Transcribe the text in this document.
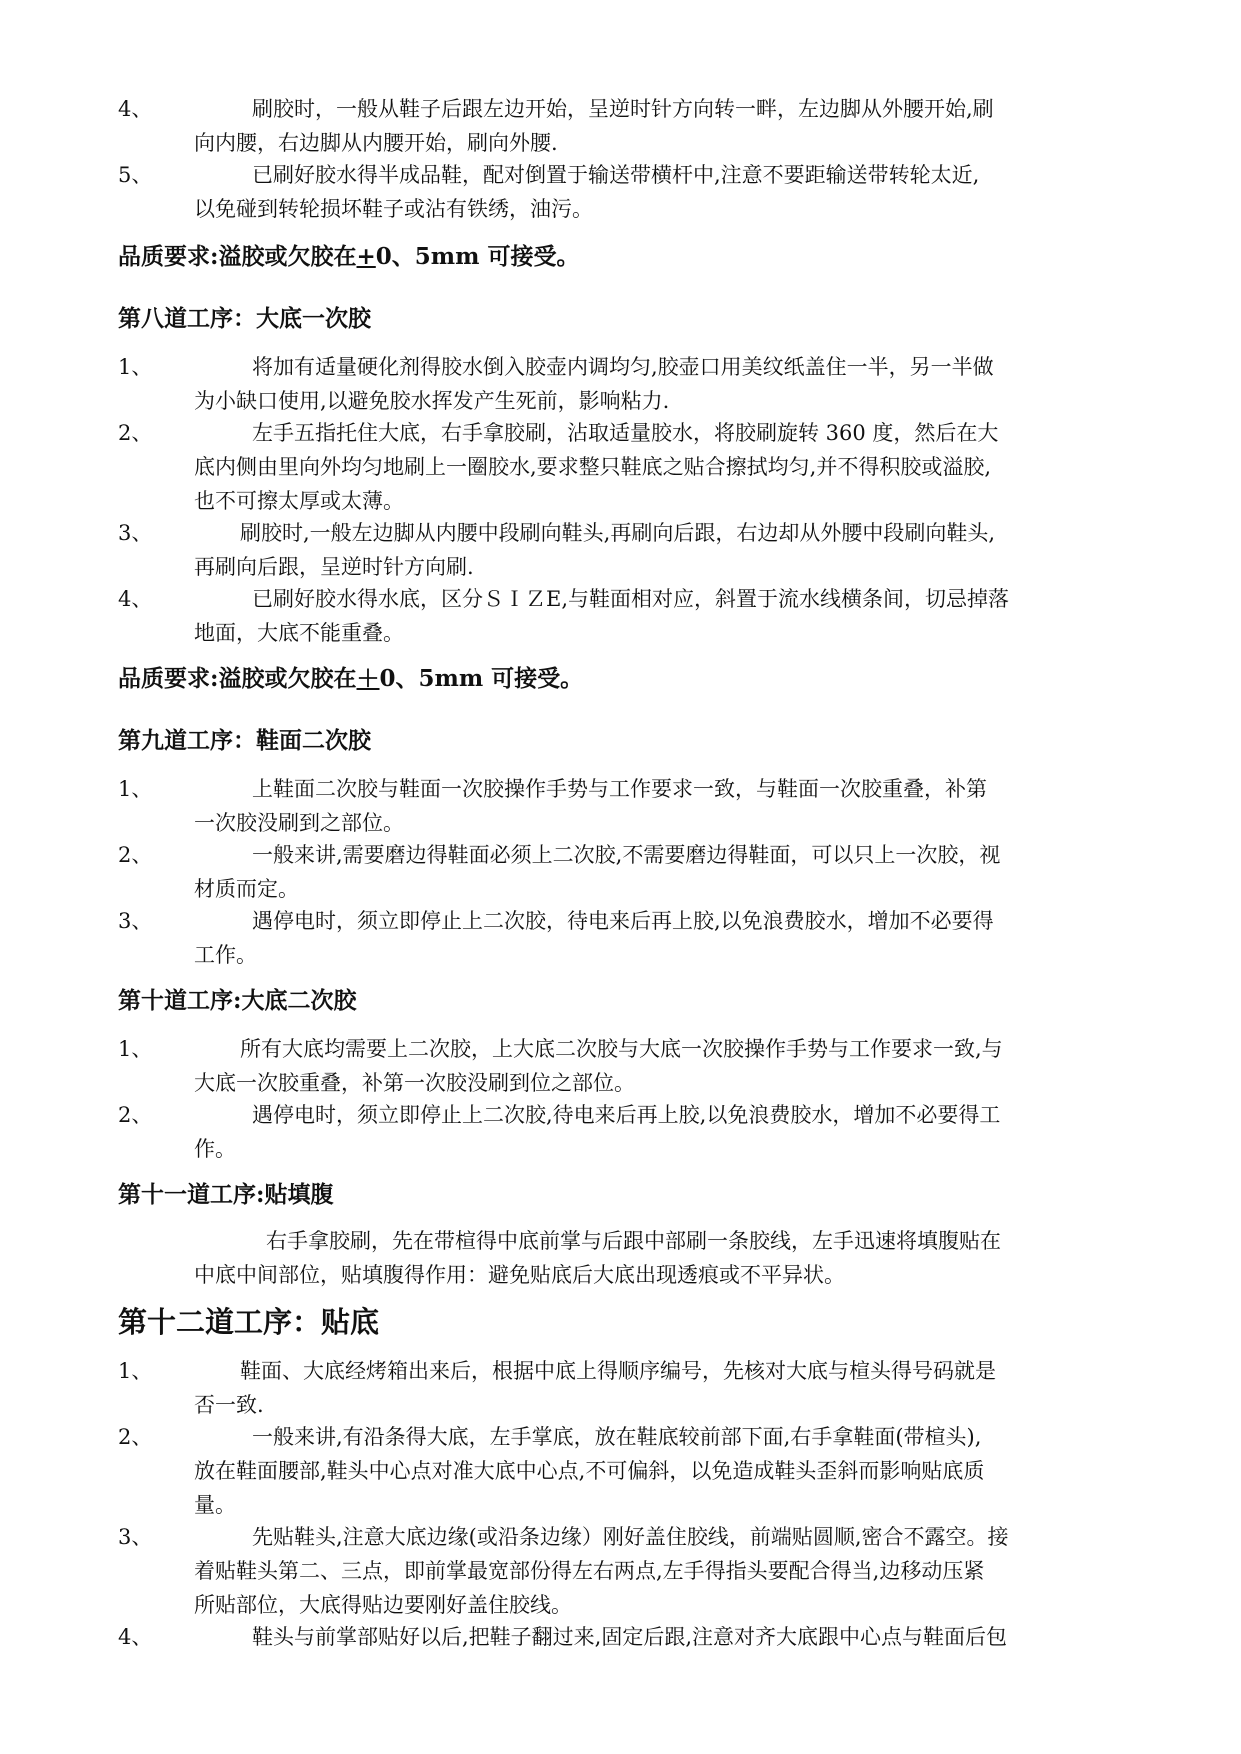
4、	刷胶时，一般从鞋子后跟左边开始，呈逆时针方向转一畔，左边脚从外腰开始,刷
向内腰，右边脚从内腰开始，刷向外腰.
5、	已刷好胶水得半成品鞋，配对倒置于输送带横杆中,注意不要距输送带转轮太近,
以免碰到转轮损坏鞋子或沾有铁绣，油污。
品质要求:溢胶或欠胶在+0、5mm 可接受。
第八道工序：大底一次胶
1、	将加有适量硬化剂得胶水倒入胶壶内调均匀,胶壶口用美纹纸盖住一半，另一半做
为小缺口使用,以避免胶水挥发产生死前，影响粘力.
2、	左手五指托住大底，右手拿胶刷，沾取适量胶水，将胶刷旋转 360 度，然后在大
底内侧由里向外均匀地刷上一圈胶水,要求整只鞋底之贴合擦拭均匀,并不得积胶或溢胶,
也不可擦太厚或太薄。
3、	刷胶时,一般左边脚从内腰中段刷向鞋头,再刷向后跟，右边却从外腰中段刷向鞋头,
再刷向后跟，呈逆时针方向刷.
4、	已刷好胶水得水底，区分ＳＩＺE,与鞋面相对应，斜置于流水线横条间，切忌掉落
地面，大底不能重叠。
品质要求:溢胶或欠胶在＋0、5mm 可接受。
第九道工序：鞋面二次胶
1、	上鞋面二次胶与鞋面一次胶操作手势与工作要求一致，与鞋面一次胶重叠，补第
一次胶没刷到之部位。
2、	一般来讲,需要磨边得鞋面必须上二次胶,不需要磨边得鞋面，可以只上一次胶，视
材质而定。
3、	遇停电时，须立即停止上二次胶，待电来后再上胶,以免浪费胶水，增加不必要得
工作。
第十道工序:大底二次胶
1、	所有大底均需要上二次胶，上大底二次胶与大底一次胶操作手势与工作要求一致,与
大底一次胶重叠，补第一次胶没刷到位之部位。
2、	遇停电时，须立即停止上二次胶,待电来后再上胶,以免浪费胶水，增加不必要得工
作。
第十一道工序:贴填腹
右手拿胶刷，先在带楦得中底前掌与后跟中部刷一条胶线，左手迅速将填腹贴在
中底中间部位，贴填腹得作用：避免贴底后大底出现透痕或不平异状。
第十二道工序：贴底
1、	鞋面、大底经烤箱出来后，根据中底上得顺序编号，先核对大底与楦头得号码就是
否一致.
2、	一般来讲,有沿条得大底，左手掌底，放在鞋底较前部下面,右手拿鞋面(带楦头),
放在鞋面腰部,鞋头中心点对准大底中心点,不可偏斜，以免造成鞋头歪斜而影响贴底质
量。
3、	先贴鞋头,注意大底边缘(或沿条边缘）刚好盖住胶线，前端贴圆顺,密合不露空。接
着贴鞋头第二、三点，即前掌最宽部份得左右两点,左手得指头要配合得当,边移动压紧
所贴部位，大底得贴边要刚好盖住胶线。
4、	鞋头与前掌部贴好以后,把鞋子翻过来,固定后跟,注意对齐大底跟中心点与鞋面后包
